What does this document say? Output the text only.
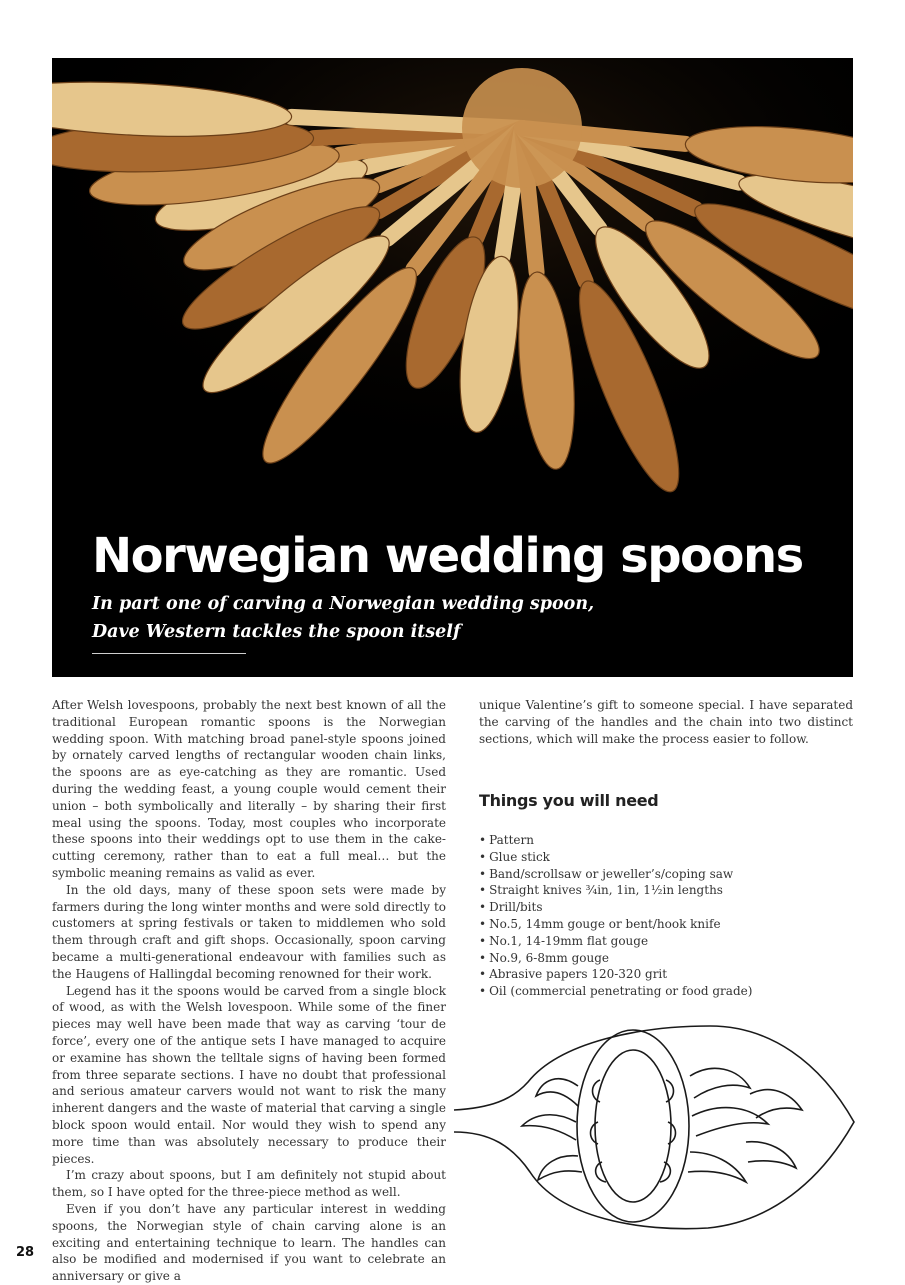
Norwegian wedding spoons

In part one of carving a Norwegian wedding spoon,
Dave Western tackles the spoon itself

After Welsh lovespoons, probably the next best known of all the traditional European romantic spoons is the Norwegian wedding spoon. With matching broad panel-style spoons joined by ornately carved lengths of rectangular wooden chain links, the spoons are as eye-catching as they are romantic. Used during the wedding feast, a young couple would cement their union – both symbolically and literally – by sharing their first meal using the spoons. Today, most couples who incorporate these spoons into their weddings opt to use them in the cake-cutting ceremony, rather than to eat a full meal… but the symbolic meaning remains as valid as ever.

In the old days, many of these spoon sets were made by farmers during the long winter months and were sold directly to customers at spring festivals or taken to middlemen who sold them through craft and gift shops. Occasionally, spoon carving became a multi-generational endeavour with families such as the Haugens of Hallingdal becoming renowned for their work.

Legend has it the spoons would be carved from a single block of wood, as with the Welsh lovespoon. While some of the finer pieces may well have been made that way as carving ‘tour de force’, every one of the antique sets I have managed to acquire or examine has shown the telltale signs of having been formed from three separate sections. I have no doubt that professional and serious amateur carvers would not want to risk the many inherent dangers and the waste of material that carving a single block spoon would entail. Nor would they wish to spend any more time than was absolutely necessary to produce their pieces.

I’m crazy about spoons, but I am definitely not stupid about them, so I have opted for the three-piece method as well.

Even if you don’t have any particular interest in wedding spoons, the Norwegian style of chain carving alone is an exciting and entertaining technique to learn. The handles can also be modified and modernised if you want to celebrate an anniversary or give a

unique Valentine’s gift to someone special. I have separated the carving of the handles and the chain into two distinct sections, which will make the process easier to follow.

Things you will need
• Pattern
• Glue stick
• Band/scrollsaw or jeweller’s/coping saw
• Straight knives ¾in, 1in, 1½in lengths
• Drill/bits
• No.5, 14mm gouge or bent/hook knife
• No.1, 14-19mm flat gouge
• No.9, 6-8mm gouge
• Abrasive papers 120-320 grit
• Oil (commercial penetrating or food grade)

28
